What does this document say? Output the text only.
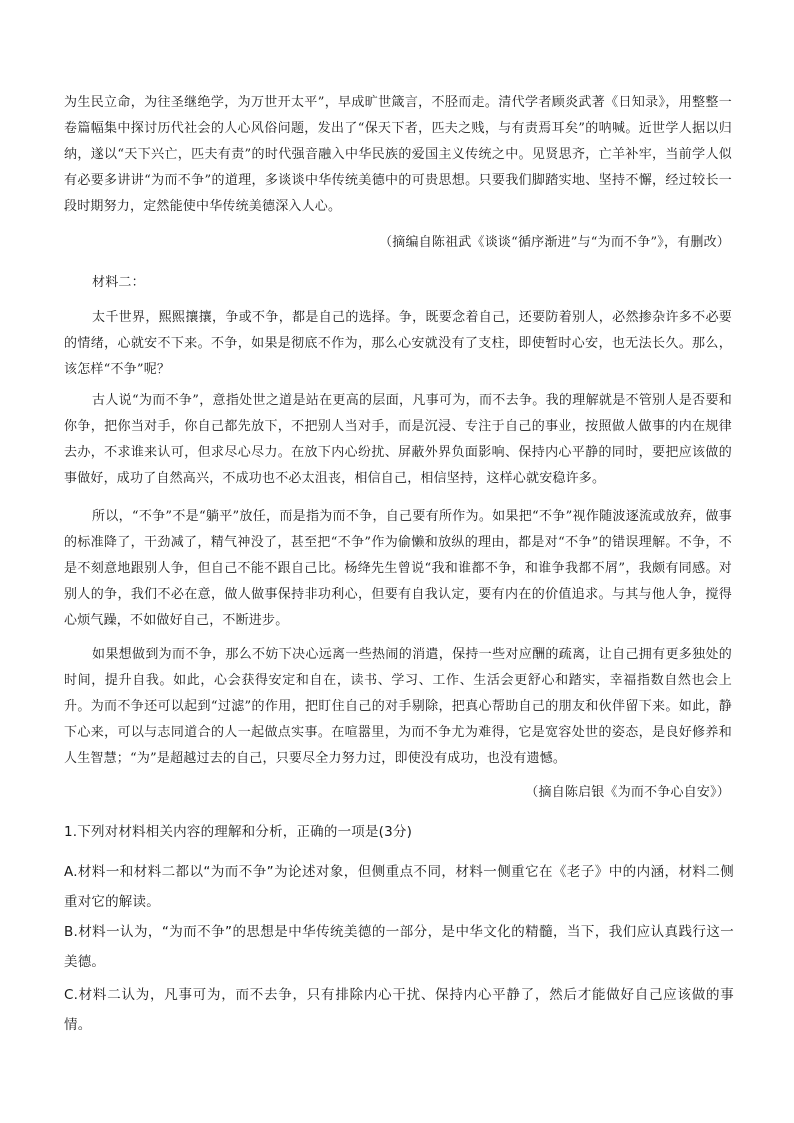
为生民立命，为往圣继绝学，为万世开太平”，早成旷世箴言，不胫而走。清代学者顾炎武著《日知录》，用整整一卷篇幅集中探讨历代社会的人心风俗问题，发出了“保天下者，匹夫之贱，与有责焉耳矣”的呐喊。近世学人据以归纳，遂以“天下兴亡，匹夫有责”的时代强音融入中华民族的爱国主义传统之中。见贤思齐，亡羊补牢，当前学人似有必要多讲讲“为而不争”的道理，多谈谈中华传统美德中的可贵思想。只要我们脚踏实地、坚持不懈，经过较长一段时期努力，定然能使中华传统美德深入人心。

（摘编自陈祖武《谈谈“循序渐进”与“为而不争”》，有删改）

材料二：

太千世界，熙熙攘攘，争或不争，都是自己的选择。争，既要念着自己，还要防着别人，必然掺杂许多不必要的情绪，心就安不下来。不争，如果是彻底不作为，那么心安就没有了支柱，即使暂时心安，也无法长久。那么，该怎样“不争”呢？

古人说“为而不争”，意指处世之道是站在更高的层面，凡事可为，而不去争。我的理解就是不管别人是否要和你争，把你当对手，你自己都先放下，不把别人当对手，而是沉浸、专注于自己的事业，按照做人做事的内在规律去办，不求谁来认可，但求尽心尽力。在放下内心纷扰、屏蔽外界负面影响、保持内心平静的同时，要把应该做的事做好，成功了自然高兴，不成功也不必太沮丧，相信自己，相信坚持，这样心就安稳许多。

所以，“不争”不是“躺平”放任，而是指为而不争，自己要有所作为。如果把“不争”视作随波逐流或放弃，做事的标准降了，干劲减了，精气神没了，甚至把“不争”作为偷懒和放纵的理由，都是对“不争”的错误理解。不争，不是不刻意地跟别人争，但自己不能不跟自己比。杨绛先生曾说“我和谁都不争，和谁争我都不屑”，我颇有同感。对别人的争，我们不必在意，做人做事保持非功利心，但要有自我认定，要有内在的价值追求。与其与他人争，搅得心烦气躁，不如做好自己，不断进步。

如果想做到为而不争，那么不妨下决心远离一些热闹的消遣，保持一些对应酬的疏离，让自己拥有更多独处的时间，提升自我。如此，心会获得安定和自在，读书、学习、工作、生活会更舒心和踏实，幸福指数自然也会上升。为而不争还可以起到“过滤”的作用，把盯住自己的对手剔除，把真心帮助自己的朋友和伙伴留下来。如此，静下心来，可以与志同道合的人一起做点实事。在喧嚣里，为而不争尤为难得，它是宽容处世的姿态，是良好修养和人生智慧；“为”是超越过去的自己，只要尽全力努力过，即使没有成功，也没有遗憾。

（摘自陈启银《为而不争心自安》）

1.下列对材料相关内容的理解和分析，正确的一项是(3分)

A.材料一和材料二都以“为而不争”为论述对象，但侧重点不同，材料一侧重它在《老子》中的内涵，材料二侧重对它的解读。

B.材料一认为，“为而不争”的思想是中华传统美德的一部分，是中华文化的精髓，当下，我们应认真践行这一美德。

C.材料二认为，凡事可为，而不去争，只有排除内心干扰、保持内心平静了，然后才能做好自己应该做的事情。
